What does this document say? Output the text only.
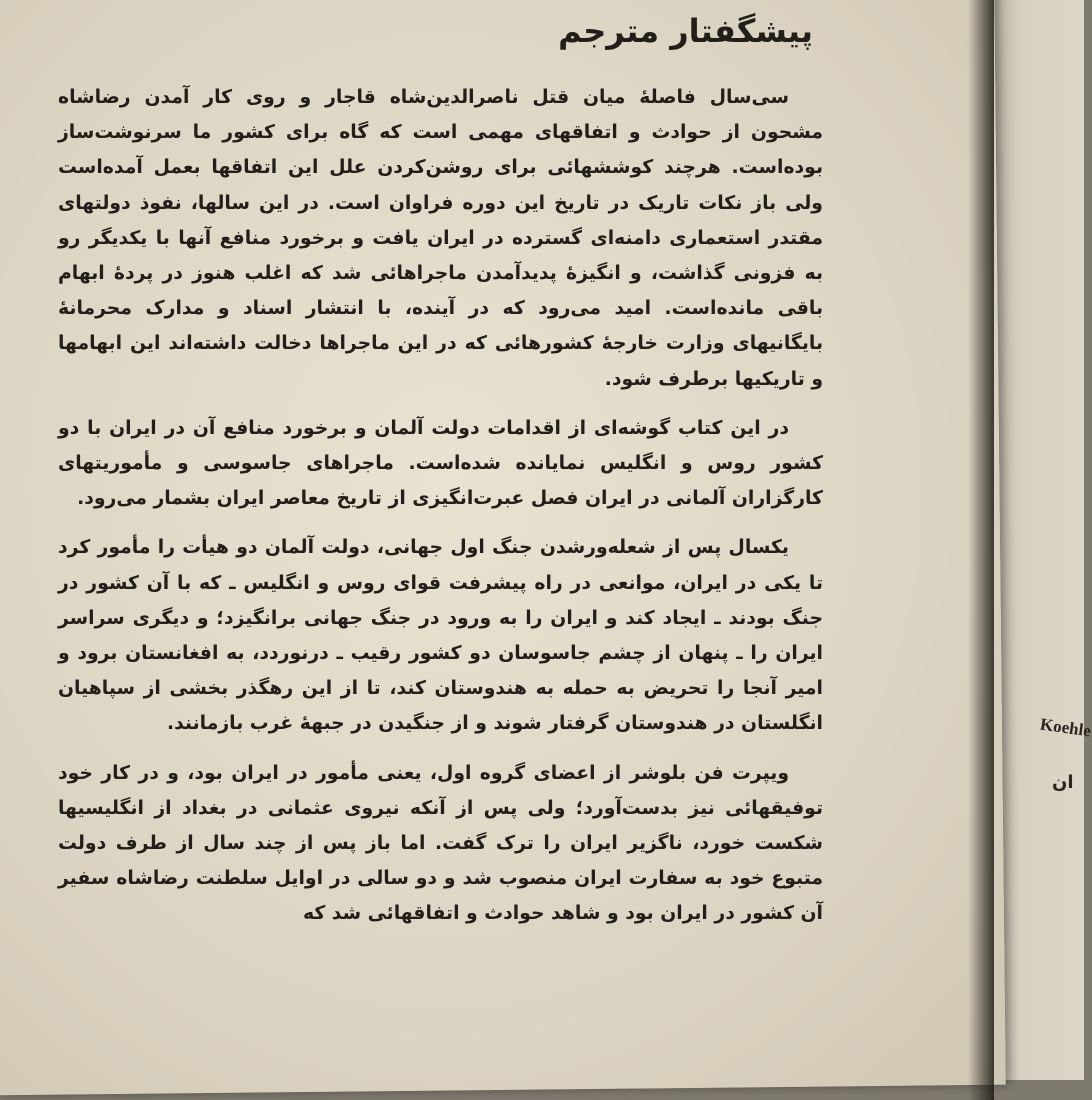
پیشگفتار مترجم

سی‌سال فاصلهٔ میان قتل ناصرالدین‌شاه قاجار و روی کار آمدن رضاشاه مشحون از حوادث و اتفاقهای مهمی است که گاه برای کشور ما سرنوشت‌ساز بوده‌است. هرچند کوششهائی برای روشن‌کردن علل این اتفاقها بعمل آمده‌است ولی باز نکات تاریک در تاریخ این دوره فراوان است. در این سالها، نفوذ دولتهای مقتدر استعماری دامنه‌ای گسترده در ایران یافت و برخورد منافع آنها با یکدیگر رو به فزونی گذاشت، و انگیزهٔ پدیدآمدن ماجراهائی شد که اغلب هنوز در پردهٔ ابهام باقی مانده‌است. امید می‌رود که در آینده، با انتشار اسناد و مدارک محرمانهٔ بایگانیهای وزارت خارجهٔ کشورهائی که در این ماجراها دخالت داشته‌اند این ابهامها و تاریکیها برطرف شود.

در این کتاب گوشه‌ای از اقدامات دولت آلمان و برخورد منافع آن در ایران با دو کشور روس و انگلیس نمایانده شده‌است. ماجراهای جاسوسی و مأموریتهای کارگزاران آلمانی در ایران فصل عبرت‌انگیزی از تاریخ معاصر ایران بشمار می‌رود.

یکسال پس از شعله‌ورشدن جنگ اول جهانی، دولت آلمان دو هیأت را مأمور کرد تا یکی در ایران، موانعی در راه پیشرفت قوای روس و انگلیس ـ که با آن کشور در جنگ بودند ـ ایجاد کند و ایران را به ورود در جنگ جهانی برانگیزد؛ و دیگری سراسر ایران را ـ پنهان از چشم جاسوسان دو کشور رقیب ـ درنوردد، به افغانستان برود و امیر آنجا را تحریض به حمله به هندوستان کند، تا از این رهگذر بخشی از سپاهیان انگلستان در هندوستان گرفتار شوند و از جنگیدن در جبههٔ غرب بازمانند.

ویپرت فن بلوشر از اعضای گروه اول، یعنی مأمور در ایران بود، و در کار خود توفیقهائی نیز بدست‌آورد؛ ولی پس از آنکه نیروی عثمانی در بغداد از انگلیسیها شکست خورد، ناگزیر ایران را ترک گفت. اما باز پس از چند سال از طرف دولت متبوع خود به سفارت ایران منصوب شد و دو سالی در اوایل سلطنت رضاشاه سفیر آن کشور در ایران بود و شاهد حوادث و اتفاقهائی شد که

Koehle
ان
